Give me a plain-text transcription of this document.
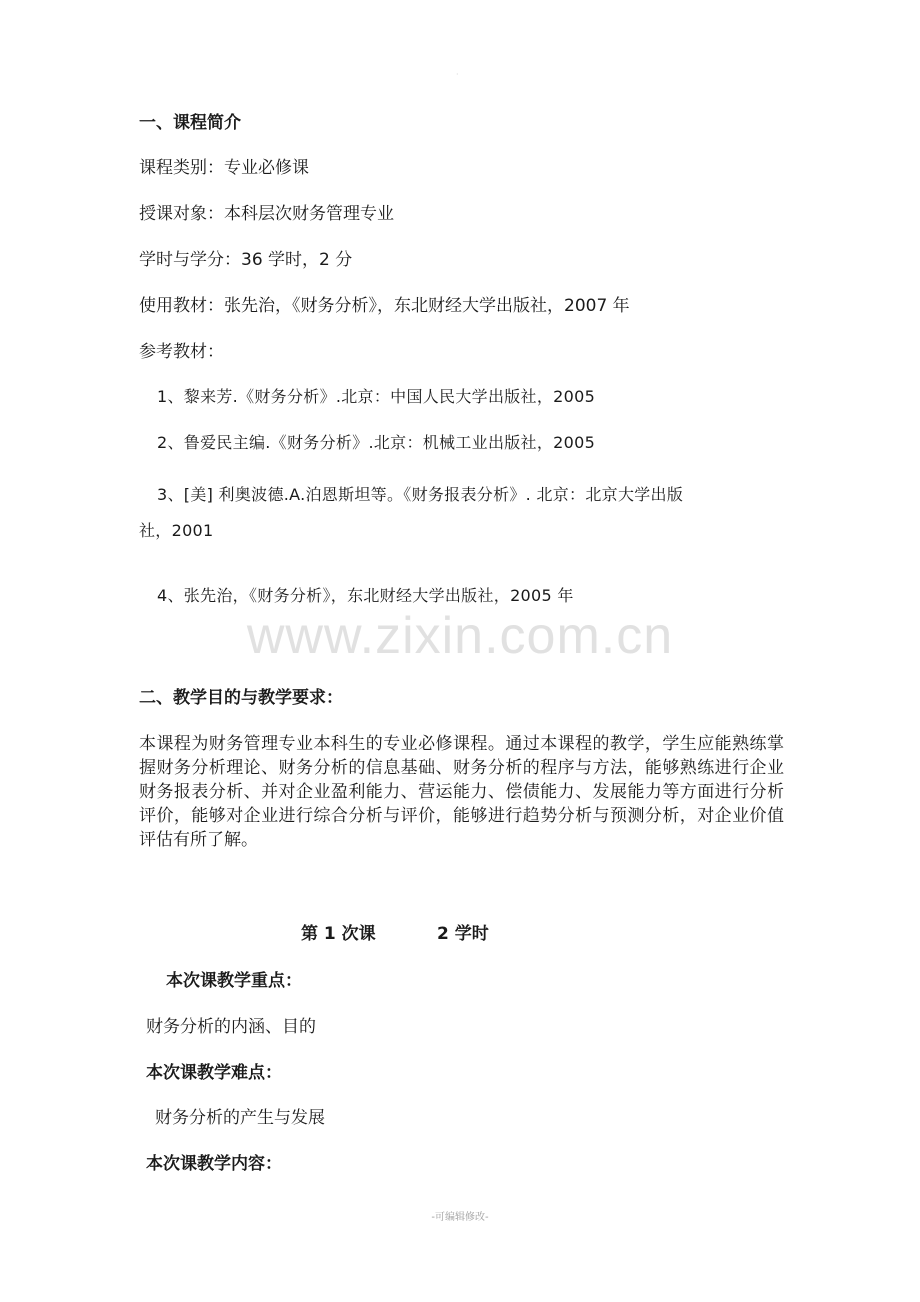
·
一、课程简介
课程类别：专业必修课
授课对象：本科层次财务管理专业
学时与学分：36 学时，2 分
使用教材：张先治，《财务分析》，东北财经大学出版社，2007 年
参考教材：
1、黎来芳.《财务分析》.北京：中国人民大学出版社，2005
2、鲁爱民主编.《财务分析》.北京：机械工业出版社，2005
3、[美] 利奥波德.A.泊恩斯坦等。《财务报表分析》. 北京：北京大学出版
社，2001
4、张先治，《财务分析》，东北财经大学出版社，2005 年
www.zixin.com.cn
二、教学目的与教学要求：
本课程为财务管理专业本科生的专业必修课程。通过本课程的教学，学生应能熟练掌握财务分析理论、财务分析的信息基础、财务分析的程序与方法，能够熟练进行企业财务报表分析、并对企业盈利能力、营运能力、偿债能力、发展能力等方面进行分析评价，能够对企业进行综合分析与评价，能够进行趋势分析与预测分析，对企业价值评估有所了解。
第 1 次课	2 学时
本次课教学重点：
财务分析的内涵、目的
本次课教学难点：
财务分析的产生与发展
本次课教学内容：
-可编辑修改-
